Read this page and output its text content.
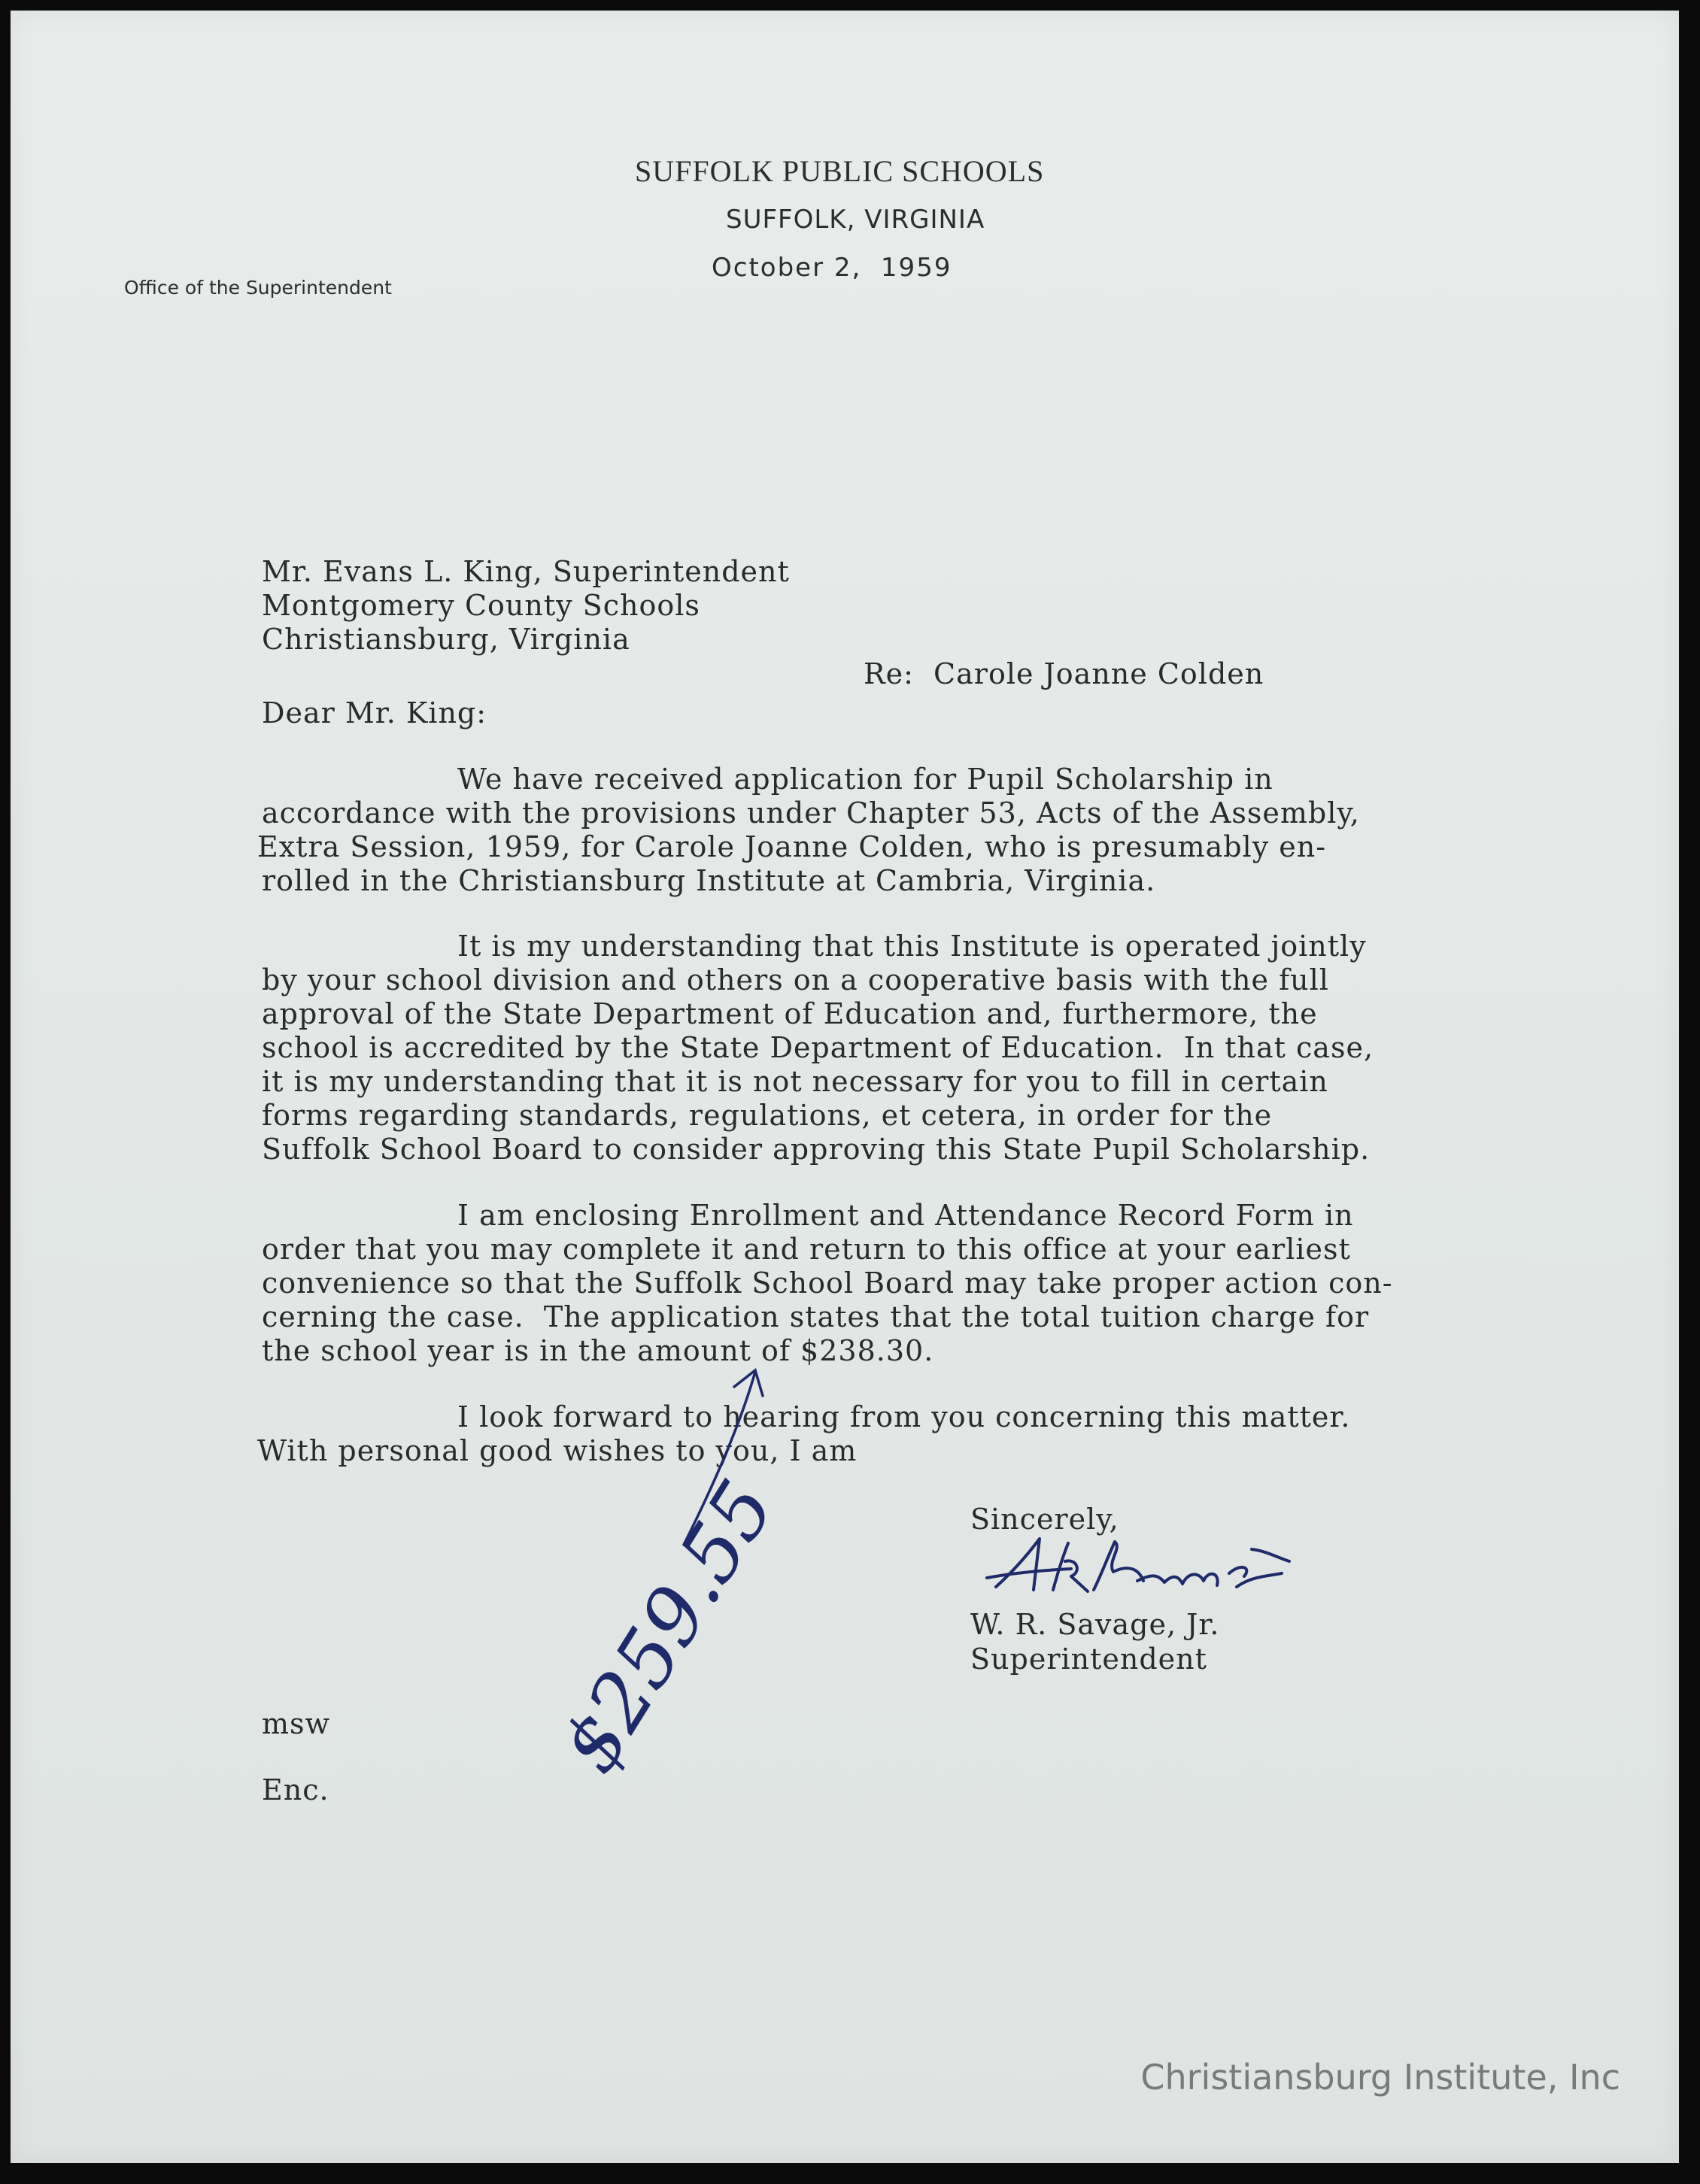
SUFFOLK PUBLIC SCHOOLS
SUFFOLK, VIRGINIA
Office of the Superintendent
October 2,  1959
Mr. Evans L. King, Superintendent
Montgomery County Schools
Christiansburg, Virginia
Re:  Carole Joanne Colden
Dear Mr. King:
We have received application for Pupil Scholarship in
accordance with the provisions under Chapter 53, Acts of the Assembly,
Extra Session, 1959, for Carole Joanne Colden, who is presumably en-
rolled in the Christiansburg Institute at Cambria, Virginia.
It is my understanding that this Institute is operated jointly
by your school division and others on a cooperative basis with the full
approval of the State Department of Education and, furthermore, the
school is accredited by the State Department of Education.  In that case,
it is my understanding that it is not necessary for you to fill in certain
forms regarding standards, regulations, et cetera, in order for the
Suffolk School Board to consider approving this State Pupil Scholarship.
I am enclosing Enrollment and Attendance Record Form in
order that you may complete it and return to this office at your earliest
convenience so that the Suffolk School Board may take proper action con-
cerning the case.  The application states that the total tuition charge for
the school year is in the amount of $238.30.
I look forward to hearing from you concerning this matter.
With personal good wishes to you, I am
Sincerely,
W. R. Savage, Jr.
Superintendent
msw
Enc.
$259.55
Christiansburg Institute, Inc
